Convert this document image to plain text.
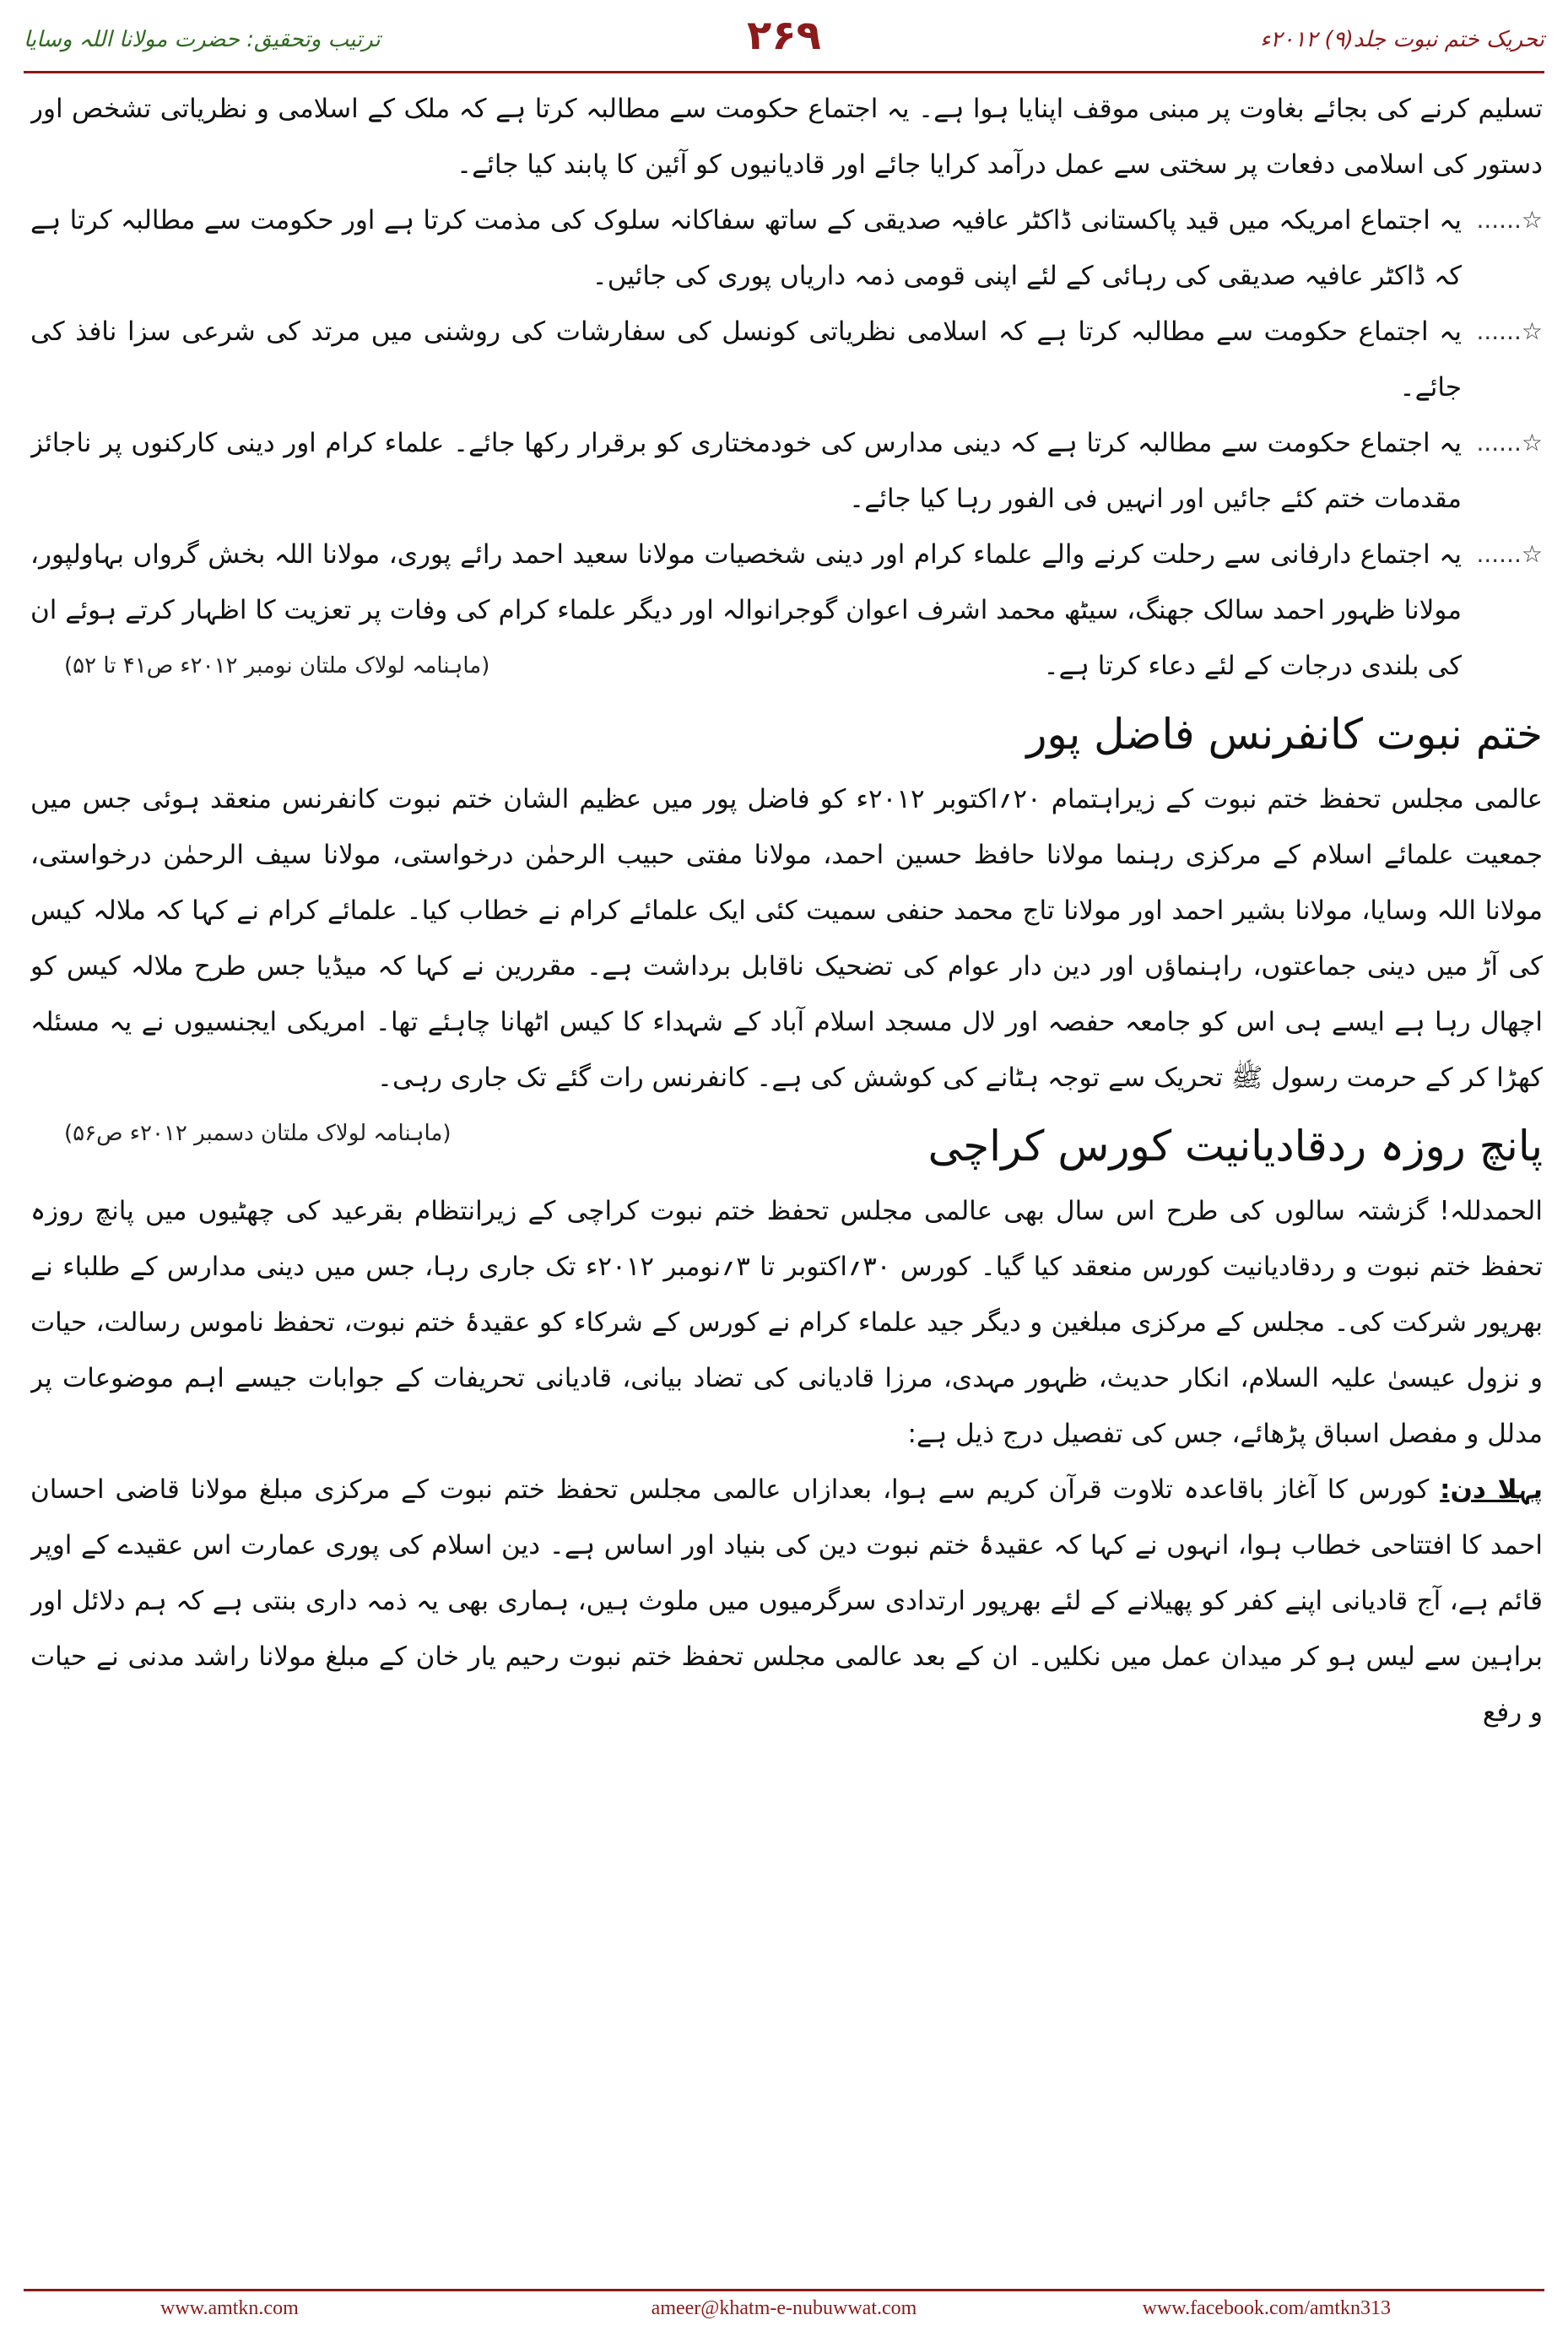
تحریک ختم نبوت جلد(۹) ۲۰۱۲ء
۲۶۹
ترتیب وتحقیق: حضرت مولانا اللہ وسایا

تسلیم کرنے کی بجائے بغاوت پر مبنی موقف اپنایا ہوا ہے۔ یہ اجتماع حکومت سے مطالبہ کرتا ہے کہ ملک کے اسلامی و نظریاتی تشخص اور دستور کی اسلامی دفعات پر سختی سے عمل درآمد کرایا جائے اور قادیانیوں کو آئین کا پابند کیا جائے۔

☆......
یہ اجتماع امریکہ میں قید پاکستانی ڈاکٹر عافیہ صدیقی کے ساتھ سفاکانہ سلوک کی مذمت کرتا ہے اور حکومت سے مطالبہ کرتا ہے کہ ڈاکٹر عافیہ صدیقی کی رہائی کے لئے اپنی قومی ذمہ داریاں پوری کی جائیں۔
☆......
یہ اجتماع حکومت سے مطالبہ کرتا ہے کہ اسلامی نظریاتی کونسل کی سفارشات کی روشنی میں مرتد کی شرعی سزا نافذ کی جائے۔
☆......
یہ اجتماع حکومت سے مطالبہ کرتا ہے کہ دینی مدارس کی خودمختاری کو برقرار رکھا جائے۔ علماء کرام اور دینی کارکنوں پر ناجائز مقدمات ختم کئے جائیں اور انہیں فی الفور رہا کیا جائے۔
☆......
یہ اجتماع دارفانی سے رحلت کرنے والے علماء کرام اور دینی شخصیات مولانا سعید احمد رائے پوری، مولانا اللہ بخش گرواں بہاولپور، مولانا ظہور احمد سالک جھنگ، سیٹھ محمد اشرف اعوان گوجرانوالہ اور دیگر علماء کرام کی وفات پر تعزیت کا اظہار کرتے ہوئے ان کی بلندی درجات کے لئے دعاء کرتا ہے۔
(ماہنامہ لولاک ملتان نومبر ۲۰۱۲ء ص۴۱ تا ۵۲)
ختم نبوت کانفرنس فاضل پور

عالمی مجلس تحفظ ختم نبوت کے زیراہتمام ۲۰؍اکتوبر ۲۰۱۲ء کو فاضل پور میں عظیم الشان ختم نبوت کانفرنس منعقد ہوئی جس میں جمعیت علمائے اسلام کے مرکزی رہنما مولانا حافظ حسین احمد، مولانا مفتی حبیب الرحمٰن درخواستی، مولانا سیف الرحمٰن درخواستی، مولانا اللہ وسایا، مولانا بشیر احمد اور مولانا تاج محمد حنفی سمیت کئی ایک علمائے کرام نے خطاب کیا۔ علمائے کرام نے کہا کہ ملالہ کیس کی آڑ میں دینی جماعتوں، راہنماؤں اور دین دار عوام کی تضحیک ناقابل برداشت ہے۔ مقررین نے کہا کہ میڈیا جس طرح ملالہ کیس کو اچھال رہا ہے ایسے ہی اس کو جامعہ حفصہ اور لال مسجد اسلام آباد کے شہداء کا کیس اٹھانا چاہئے تھا۔ امریکی ایجنسیوں نے یہ مسئلہ کھڑا کر کے حرمت رسول ﷺ تحریک سے توجہ ہٹانے کی کوشش کی ہے۔ کانفرنس رات گئے تک جاری رہی۔
(ماہنامہ لولاک ملتان دسمبر ۲۰۱۲ء ص۵۶)	پانچ روزہ ردقادیانیت کورس کراچی

الحمدللہ! گزشتہ سالوں کی طرح اس سال بھی عالمی مجلس تحفظ ختم نبوت کراچی کے زیرانتظام بقرعید کی چھٹیوں میں پانچ روزہ تحفظ ختم نبوت و ردقادیانیت کورس منعقد کیا گیا۔ کورس ۳۰؍اکتوبر تا ۳؍نومبر ۲۰۱۲ء تک جاری رہا، جس میں دینی مدارس کے طلباء نے بھرپور شرکت کی۔ مجلس کے مرکزی مبلغین و دیگر جید علماء کرام نے کورس کے شرکاء کو عقیدۂ ختم نبوت، تحفظ ناموس رسالت، حیات و نزول عیسیٰ علیہ السلام، انکار حدیث، ظہور مہدی، مرزا قادیانی کی تضاد بیانی، قادیانی تحریفات کے جوابات جیسے اہم موضوعات پر مدلل و مفصل اسباق پڑھائے، جس کی تفصیل درج ذیل ہے:

پہلا دن: کورس کا آغاز باقاعدہ تلاوت قرآن کریم سے ہوا، بعدازاں عالمی مجلس تحفظ ختم نبوت کے مرکزی مبلغ مولانا قاضی احسان احمد کا افتتاحی خطاب ہوا، انہوں نے کہا کہ عقیدۂ ختم نبوت دین کی بنیاد اور اساس ہے۔ دین اسلام کی پوری عمارت اس عقیدے کے اوپر قائم ہے، آج قادیانی اپنے کفر کو پھیلانے کے لئے بھرپور ارتدادی سرگرمیوں میں ملوث ہیں، ہماری بھی یہ ذمہ داری بنتی ہے کہ ہم دلائل اور براہین سے لیس ہو کر میدان عمل میں نکلیں۔ ان کے بعد عالمی مجلس تحفظ ختم نبوت رحیم یار خان کے مبلغ مولانا راشد مدنی نے حیات و رفع

www.amtkn.com	ameer@khatm-e-nubuwwat.com	www.facebook.com/amtkn313
